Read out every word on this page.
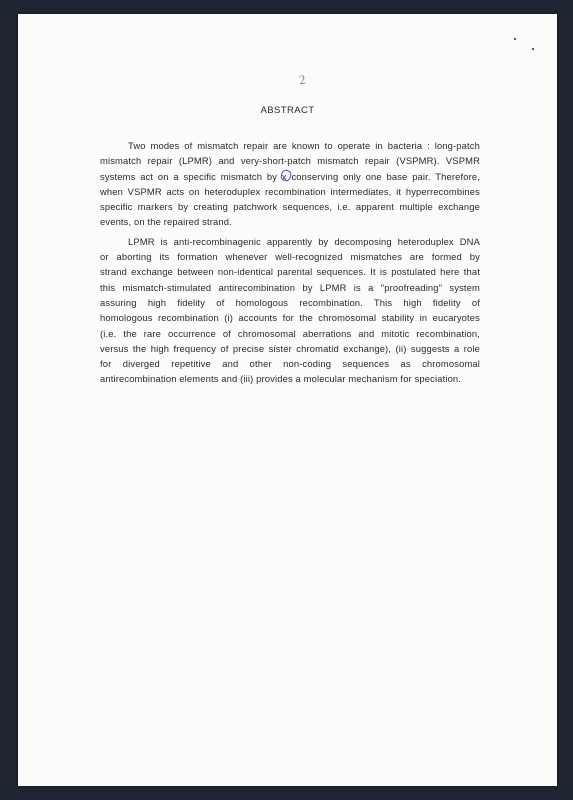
2
ABSTRACT
Two modes of mismatch repair are known to operate in bacteria : long-patch
mismatch repair (LPMR) and very-short-patch mismatch repair (VSPMR). VSPMR
systems act on a specific mismatch by x conserving only one base pair. Therefore,
when VSPMR acts on heteroduplex recombination intermediates, it hyperrecombines
specific markers by creating patchwork sequences, i.e. apparent multiple exchange
events, on the repaired strand.
LPMR is anti-recombinagenic apparently by decomposing heteroduplex DNA
or aborting its formation whenever well-recognized mismatches are formed by
strand exchange between non-identical parental sequences. It is postulated here that
this mismatch-stimulated antirecombination by LPMR is a "proofreading" system
assuring high fidelity of homologous recombination. This high fidelity of
homologous recombination (i) accounts for the chromosomal stability in eucaryotes
(i.e. the rare occurrence of chromosomal aberrations and mitotic recombination,
versus the high frequency of precise sister chromatid exchange), (ii) suggests a role
for diverged repetitive and other non-coding sequences as chromosomal
antirecombination elements and (iii) provides a molecular mechanism for speciation.
